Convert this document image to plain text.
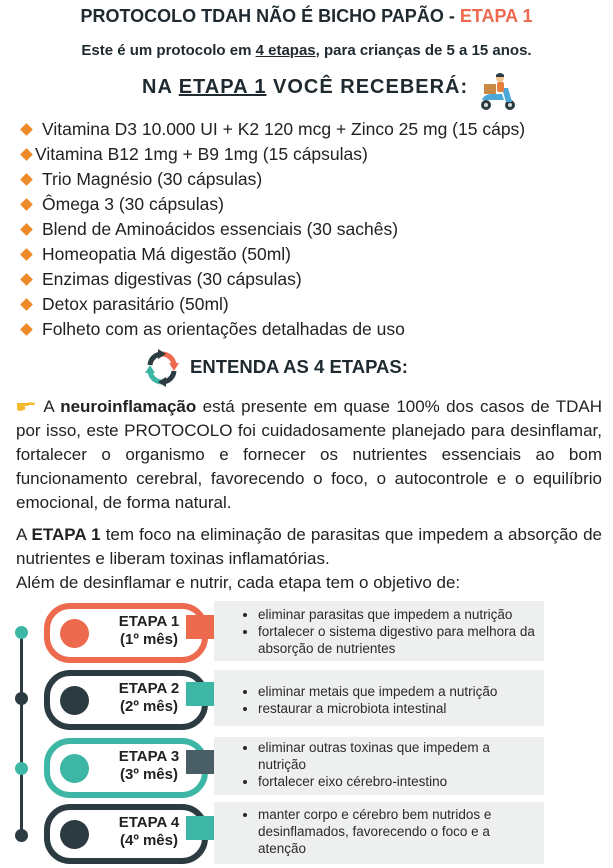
PROTOCOLO TDAH NÃO É BICHO PAPÃO - ETAPA 1
Este é um protocolo em 4 etapas, para crianças de 5 a 15 anos.
NA ETAPA 1 VOCÊ RECEBERÁ:
Vitamina D3 10.000 UI + K2 120 mcg + Zinco 25 mg (15 cáps)
Vitamina B12 1mg + B9 1mg (15 cápsulas)
Trio Magnésio (30 cápsulas)
Ômega 3 (30 cápsulas)
Blend de Aminoácidos essenciais (30 sachês)
Homeopatia Má digestão (50ml)
Enzimas digestivas (30 cápsulas)
Detox parasitário (50ml)
Folheto com as orientações detalhadas de uso
ENTENDA AS 4 ETAPAS:
A neuroinflamação está presente em quase 100% dos casos de TDAH por isso, este PROTOCOLO foi cuidadosamente planejado para desinflamar, fortalecer o organismo e fornecer os nutrientes essenciais ao bom funcionamento cerebral, favorecendo o foco, o autocontrole e o equilíbrio emocional, de forma natural.
A ETAPA 1 tem foco na eliminação de parasitas que impedem a absorção de nutrientes e liberam toxinas inflamatórias.
Além de desinflamar e nutrir, cada etapa tem o objetivo de:
ETAPA 1
(1º mês)
• eliminar parasitas que impedem a nutrição
• fortalecer o sistema digestivo para melhora da absorção de nutrientes
ETAPA 2
(2º mês)
• eliminar metais que impedem a nutrição
• restaurar a microbiota intestinal
ETAPA 3
(3º mês)
• eliminar outras toxinas que impedem a nutrição
• fortalecer eixo cérebro-intestino
ETAPA 4
(4º mês)
• manter corpo e cérebro bem nutridos e desinflamados, favorecendo o foco e a atenção
